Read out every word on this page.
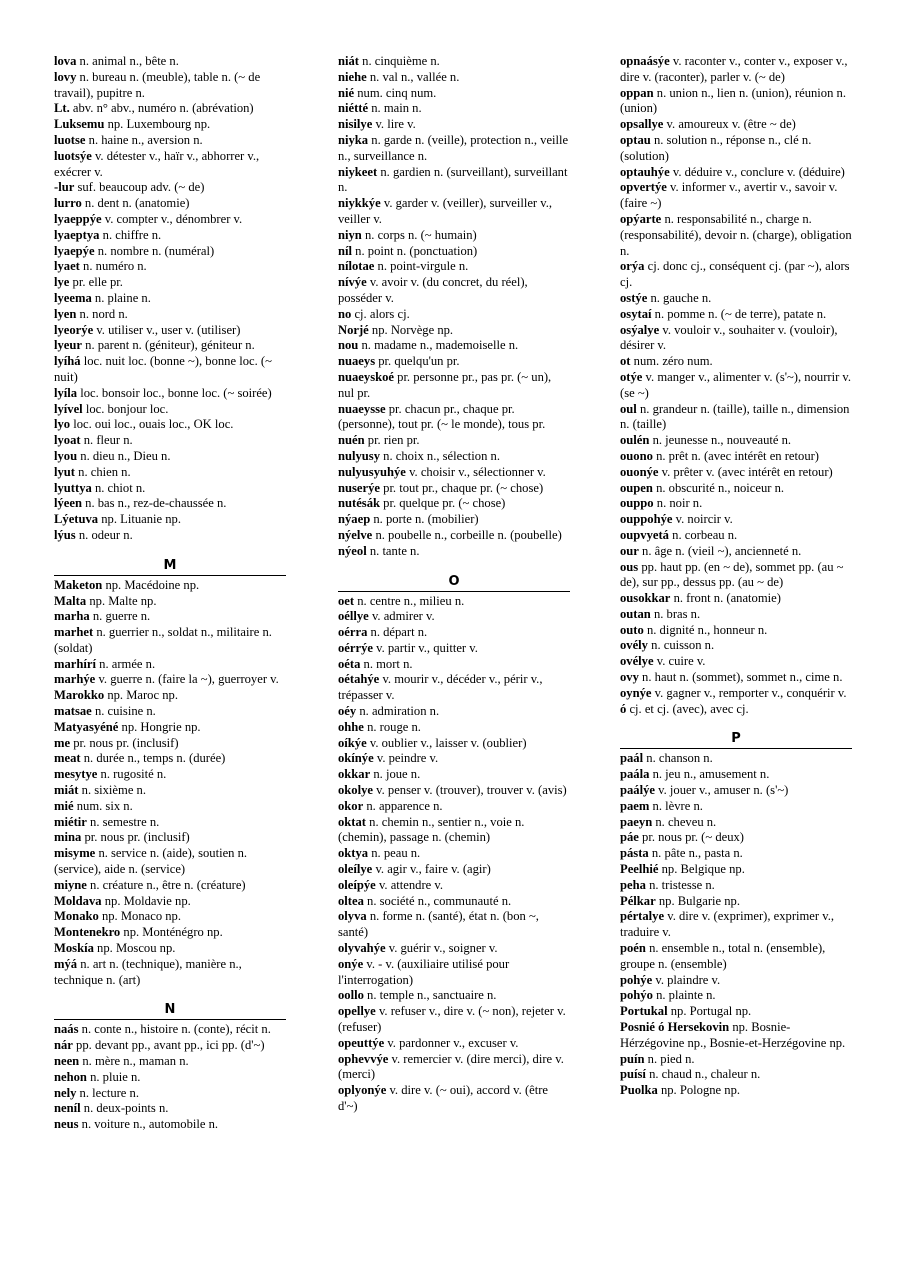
lova n. animal n., bête n.
lovy n. bureau n. (meuble), table n. (~ de travail), pupitre n.
Lt. abv. n° abv., numéro n. (abrévation)
Luksemu np. Luxembourg np.
luotse n. haine n., aversion n.
luotsýe v. détester v., haïr v., abhorrer v., exécrer v.
-lur suf. beaucoup adv. (~ de)
lurro n. dent n. (anatomie)
lyaeppýe v. compter v., dénombrer v.
lyaeptya n. chiffre n.
lyaepýe n. nombre n. (numéral)
lyaet n. numéro n.
lye pr. elle pr.
lyeema n. plaine n.
lyen n. nord n.
lyeorýe v. utiliser v., user v. (utiliser)
lyeur n. parent n. (géniteur), géniteur n.
lyíhá loc. nuit loc. (bonne ~), bonne loc. (~ nuit)
lyíla loc. bonsoir loc., bonne loc. (~ soirée)
lyível loc. bonjour loc.
lyo loc. oui loc., ouais loc., OK loc.
lyoat n. fleur n.
lyou n. dieu n., Dieu n.
lyut n. chien n.
lyuttya n. chiot n.
lýeen n. bas n., rez-de-chaussée n.
Lýetuva np. Lituanie np.
lýus n. odeur n.
M
Maketon np. Macédoine np.
Malta np. Malte np.
marha n. guerre n.
marhet n. guerrier n., soldat n., militaire n. (soldat)
marhírí n. armée n.
marhýe v. guerre n. (faire la ~), guerroyer v.
Marokko np. Maroc np.
matsae n. cuisine n.
Matyasyéné np. Hongrie np.
me pr. nous pr. (inclusif)
meat n. durée n., temps n. (durée)
mesytye n. rugosité n.
miát n. sixième n.
mié num. six n.
miétir n. semestre n.
mina pr. nous pr. (inclusif)
misyme n. service n. (aide), soutien n. (service), aide n. (service)
miyne n. créature n., être n. (créature)
Moldava np. Moldavie np.
Monako np. Monaco np.
Montenekro np. Monténégro np.
Moskía np. Moscou np.
mýá n. art n. (technique), manière n., technique n. (art)
N
naás n. conte n., histoire n. (conte), récit n.
nár pp. devant pp., avant pp., ici pp. (d'~)
neen n. mère n., maman n.
nehon n. pluie n.
nely n. lecture n.
neníl n. deux-points n.
neus n. voiture n., automobile n.
niát n. cinquième n.
niehe n. val n., vallée n.
nié num. cinq num.
niétté n. main n.
nisilye v. lire v.
niyka n. garde n. (veille), protection n., veille n., surveillance n.
niykeet n. gardien n. (surveillant), surveillant n.
niykkýe v. garder v. (veiller), surveiller v., veiller v.
niyn n. corps n. (~ humain)
níl n. point n. (ponctuation)
nílotae n. point-virgule n.
nívýe v. avoir v. (du concret, du réel), posséder v.
no cj. alors cj.
Norjé np. Norvège np.
nou n. madame n., mademoiselle n.
nuaeys pr. quelqu'un pr.
nuaeyskoé pr. personne pr., pas pr. (~ un), nul pr.
nuaeysse pr. chacun pr., chaque pr. (personne), tout pr. (~ le monde), tous pr.
nuén pr. rien pr.
nulyusy n. choix n., sélection n.
nulyusyuhýe v. choisir v., sélectionner v.
nuserýe pr. tout pr., chaque pr. (~ chose)
nutésák pr. quelque pr. (~ chose)
nýaep n. porte n. (mobilier)
nýelve n. poubelle n., corbeille n. (poubelle)
nýeol n. tante n.
O
oet n. centre n., milieu n.
oéllye v. admirer v.
oérra n. départ n.
oérrýe v. partir v., quitter v.
oéta n. mort n.
oétahýe v. mourir v., décéder v., périr v., trépasser v.
oéy n. admiration n.
ohhe n. rouge n.
oíkýe v. oublier v., laisser v. (oublier)
okínýe v. peindre v.
okkar n. joue n.
okolye v. penser v. (trouver), trouver v. (avis)
okor n. apparence n.
oktat n. chemin n., sentier n., voie n. (chemin), passage n. (chemin)
oktya n. peau n.
oleílye v. agir v., faire v. (agir)
oleípýe v. attendre v.
oltea n. société n., communauté n.
olyva n. forme n. (santé), état n. (bon ~, santé)
olyvahýe v. guérir v., soigner v.
onýe v. - v. (auxiliaire utilisé pour l'interrogation)
oollo n. temple n., sanctuaire n.
opellye v. refuser v., dire v. (~ non), rejeter v. (refuser)
opeuttýe v. pardonner v., excuser v.
ophevvýe v. remercier v. (dire merci), dire v. (merci)
oplyonýe v. dire v. (~ oui), accord v. (être d'~)
opnaásýe v. raconter v., conter v., exposer v., dire v. (raconter), parler v. (~ de)
oppan n. union n., lien n. (union), réunion n. (union)
opsallye v. amoureux v. (être ~ de)
optau n. solution n., réponse n., clé n. (solution)
optauhýe v. déduire v., conclure v. (déduire)
opvertýe v. informer v., avertir v., savoir v. (faire ~)
opýarte n. responsabilité n., charge n. (responsabilité), devoir n. (charge), obligation n.
orýa cj. donc cj., conséquent cj. (par ~), alors cj.
ostýe n. gauche n.
osytaí n. pomme n. (~ de terre), patate n.
osýalye v. vouloir v., souhaiter v. (vouloir), désirer v.
ot num. zéro num.
otýe v. manger v., alimenter v. (s'~), nourrir v. (se ~)
oul n. grandeur n. (taille), taille n., dimension n. (taille)
oulén n. jeunesse n., nouveauté n.
ouono n. prêt n. (avec intérêt en retour)
ouonýe v. prêter v. (avec intérêt en retour)
oupen n. obscurité n., noiceur n.
ouppo n. noir n.
ouppohýe v. noircir v.
oupvyetá n. corbeau n.
our n. âge n. (vieil ~), ancienneté n.
ous pp. haut pp. (en ~ de), sommet pp. (au ~ de), sur pp., dessus pp. (au ~ de)
ousokkar n. front n. (anatomie)
outan n. bras n.
outo n. dignité n., honneur n.
ovély n. cuisson n.
ovélye v. cuire v.
ovy n. haut n. (sommet), sommet n., cime n.
oynýe v. gagner v., remporter v., conquérir v.
ó cj. et cj. (avec), avec cj.
P
paál n. chanson n.
paála n. jeu n., amusement n.
paálýe v. jouer v., amuser n. (s'~)
paem n. lèvre n.
paeyn n. cheveu n.
páe pr. nous pr. (~ deux)
pásta n. pâte n., pasta n.
Peelhié np. Belgique np.
peha n. tristesse n.
Pélkar np. Bulgarie np.
pértalye v. dire v. (exprimer), exprimer v., traduire v.
poén n. ensemble n., total n. (ensemble), groupe n. (ensemble)
pohýe v. plaindre v.
pohýo n. plainte n.
Portukal np. Portugal np.
Posnié ó Hersekovin np. Bosnie-Hérzégovine np., Bosnie-et-Herzégovine np.
puín n. pied n.
puísí n. chaud n., chaleur n.
Puolka np. Pologne np.
